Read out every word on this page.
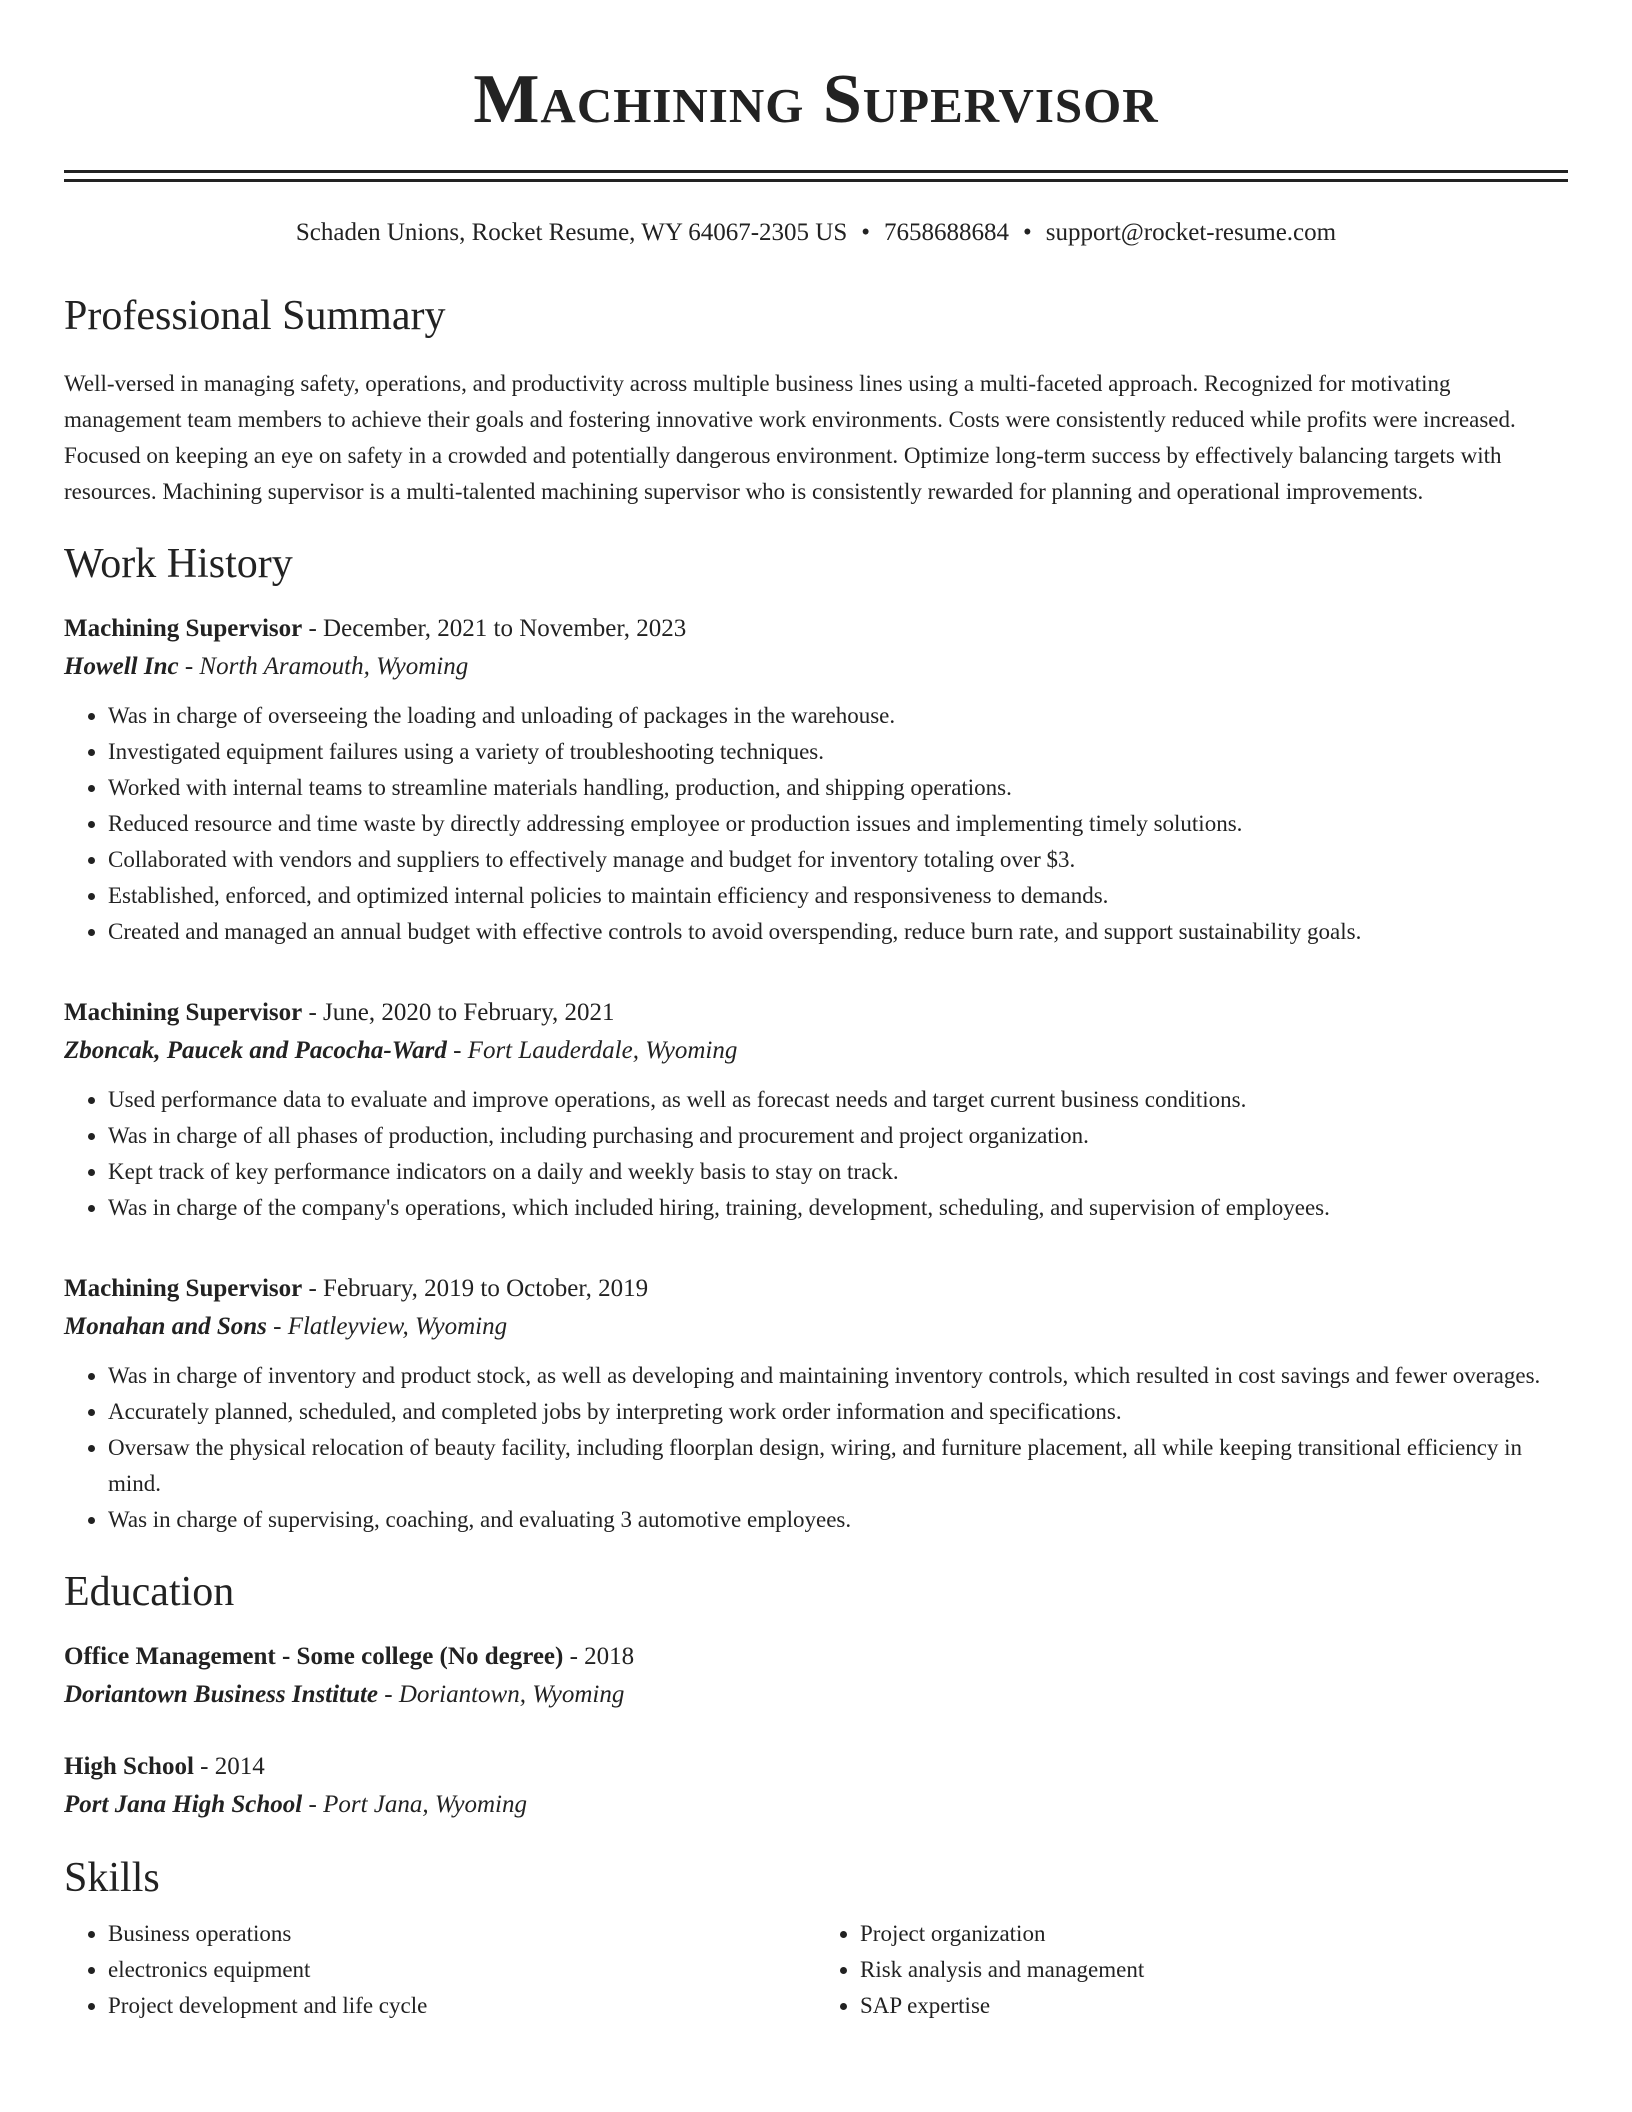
Machining Supervisor
Schaden Unions, Rocket Resume, WY 64067-2305 US • 7658688684 • support@rocket-resume.com
Professional Summary

Well-versed in managing safety, operations, and productivity across multiple business lines using a multi-faceted approach. Recognized for motivating management team members to achieve their goals and fostering innovative work environments. Costs were consistently reduced while profits were increased. Focused on keeping an eye on safety in a crowded and potentially dangerous environment. Optimize long-term success by effectively balancing targets with resources. Machining supervisor is a multi-talented machining supervisor who is consistently rewarded for planning and operational improvements.

Work History
Machining Supervisor - December, 2021 to November, 2023
Howell Inc - North Aramouth, Wyoming
• Was in charge of overseeing the loading and unloading of packages in the warehouse.
• Investigated equipment failures using a variety of troubleshooting techniques.
• Worked with internal teams to streamline materials handling, production, and shipping operations.
• Reduced resource and time waste by directly addressing employee or production issues and implementing timely solutions.
• Collaborated with vendors and suppliers to effectively manage and budget for inventory totaling over $3.
• Established, enforced, and optimized internal policies to maintain efficiency and responsiveness to demands.
• Created and managed an annual budget with effective controls to avoid overspending, reduce burn rate, and support sustainability goals.
Machining Supervisor - June, 2020 to February, 2021
Zboncak, Paucek and Pacocha-Ward - Fort Lauderdale, Wyoming
• Used performance data to evaluate and improve operations, as well as forecast needs and target current business conditions.
• Was in charge of all phases of production, including purchasing and procurement and project organization.
• Kept track of key performance indicators on a daily and weekly basis to stay on track.
• Was in charge of the company's operations, which included hiring, training, development, scheduling, and supervision of employees.
Machining Supervisor - February, 2019 to October, 2019
Monahan and Sons - Flatleyview, Wyoming
• Was in charge of inventory and product stock, as well as developing and maintaining inventory controls, which resulted in cost savings and fewer overages.
• Accurately planned, scheduled, and completed jobs by interpreting work order information and specifications.
• Oversaw the physical relocation of beauty facility, including floorplan design, wiring, and furniture placement, all while keeping transitional efficiency in mind.
• Was in charge of supervising, coaching, and evaluating 3 automotive employees.
Education
Office Management - Some college (No degree) - 2018
Doriantown Business Institute - Doriantown, Wyoming
High School - 2014
Port Jana High School - Port Jana, Wyoming
Skills
• Business operations
• electronics equipment
• Project development and life cycle
• Project organization
• Risk analysis and management
• SAP expertise
